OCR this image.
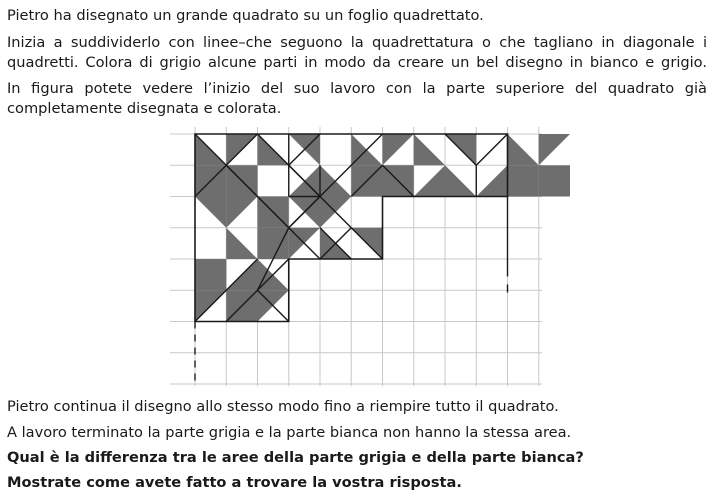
Pietro ha disegnato un grande quadrato su un foglio quadrettato.
Inizia a suddividerlo con linee–che seguono la quadrettatura o che tagliano in diagonale i
quadretti. Colora di grigio alcune parti in modo da creare un bel disegno in bianco e grigio.
In figura potete vedere l’inizio del suo lavoro con la parte superiore del quadrato già
completamente disegnata e colorata.
Pietro continua il disegno allo stesso modo fino a riempire tutto il quadrato.
A lavoro terminato la parte grigia e la parte bianca non hanno la stessa area.
Qual è la differenza tra le aree della parte grigia e della parte bianca?
Mostrate come avete fatto a trovare la vostra risposta.
